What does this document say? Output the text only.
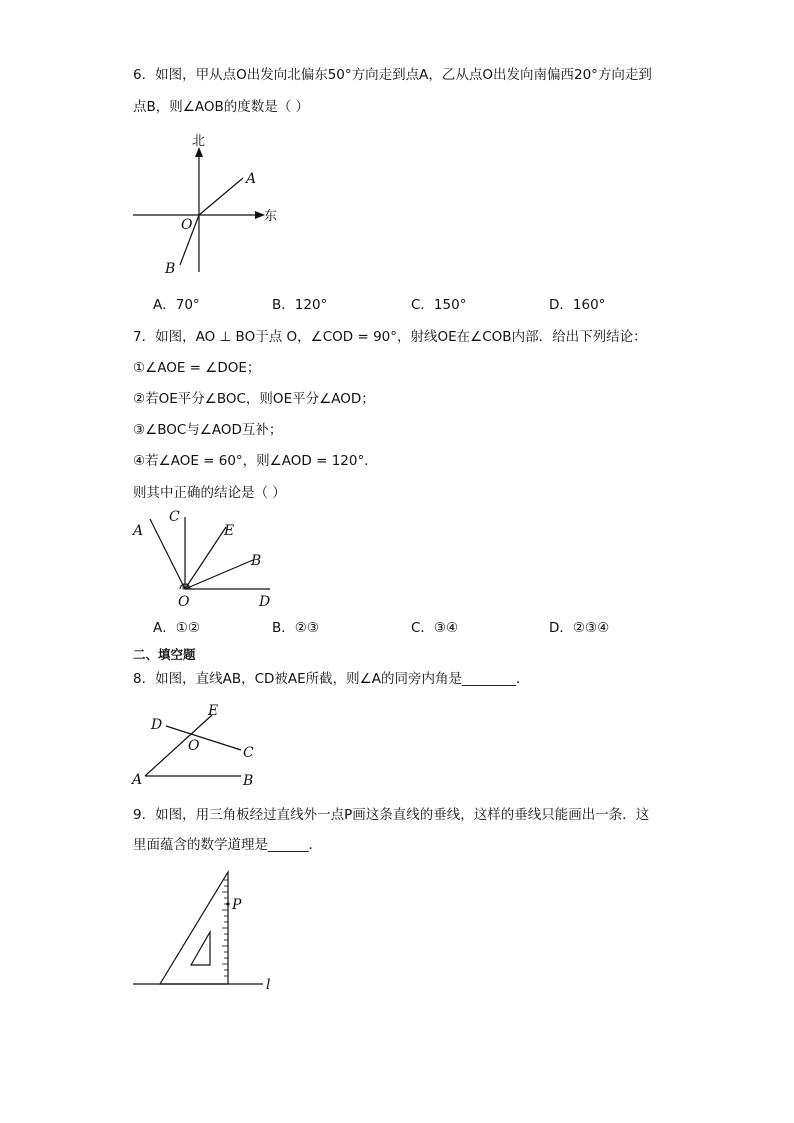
6．如图，甲从点O出发向北偏东50°方向走到点A，乙从点O出发向南偏西20°方向走到
点B，则∠AOB的度数是（ ）
北
东
A
B
O
A．70°	B．120°	C．150°	D．160°
7．如图，AO ⊥ BO于点 O，∠COD = 90°，射线OE在∠COB内部．给出下列结论：
①∠AOE = ∠DOE；
②若OE平分∠BOC，则OE平分∠AOD；
③∠BOC与∠AOD互补；
④若∠AOE = 60°，则∠AOD = 120°．
则其中正确的结论是（ ）
A
C
E
B
O	D
A．①②	B．②③	C．③④	D．②③④
二、填空题
8．如图，直线AB，CD被AE所截，则∠A的同旁内角是________．
D
E
O	C
A	B
9．如图，用三角板经过直线外一点P画这条直线的垂线，这样的垂线只能画出一条．这
里面蕴含的数学道理是______．
P
l
